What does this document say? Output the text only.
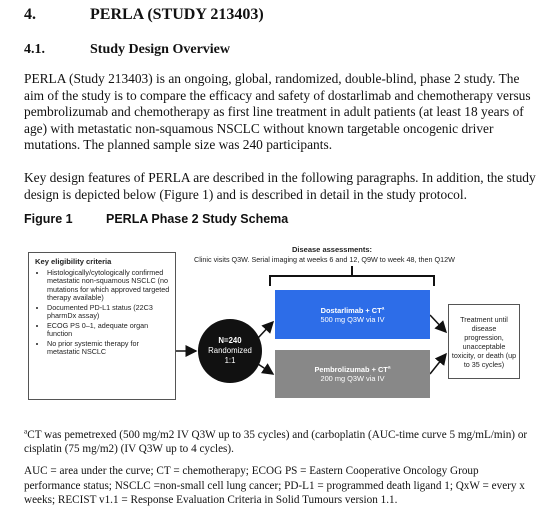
4.	PERLA (STUDY 213403)
4.1.	Study Design Overview

PERLA (Study 213403) is an ongoing, global, randomized, double-blind, phase 2 study. The aim of the study is to compare the efficacy and safety of dostarlimab and chemotherapy versus pembrolizumab and chemotherapy as first line treatment in adult patients (at least 18 years of age) with metastatic non-squamous NSCLC without known targetable oncogenic driver mutations. The planned sample size was 240 participants.

Key design features of PERLA are described in the following paragraphs. In addition, the study design is depicted below (Figure 1) and is described in detail in the study protocol.

Figure 1	PERLA Phase 2 Study Schema
Key eligibility criteria
• Histologically/cytologically confirmed metastatic non-squamous NSCLC (no mutations for which approved targeted therapy available)
• Documented PD-L1 status (22C3 pharmDx assay)
• ECOG PS 0–1, adequate organ function
• No prior systemic therapy for metastatic NSCLC
Disease assessments:
Clinic visits Q3W. Serial imaging at weeks 6 and 12, Q9W to week 48, then Q12W
N=240
Randomized
1:1
Dostarlimab + $CT^a$
500 mg Q3W via IV
Pembrolizumab + $CT^a$
200 mg Q3W via IV
Treatment until disease progression, unacceptable toxicity, or death (up to 35 cycles)

$^a$CT was pemetrexed (500 mg/m2 IV Q3W up to 35 cycles) and (carboplatin (AUC-time curve 5 mg/mL/min) or cisplatin (75 mg/m2) (IV Q3W up to 4 cycles).

AUC = area under the curve; CT = chemotherapy; ECOG PS = Eastern Cooperative Oncology Group performance status; NSCLC =non-small cell lung cancer; PD-L1 = programmed death ligand 1; QxW = every x weeks; RECIST v1.1 = Response Evaluation Criteria in Solid Tumours version 1.1.
